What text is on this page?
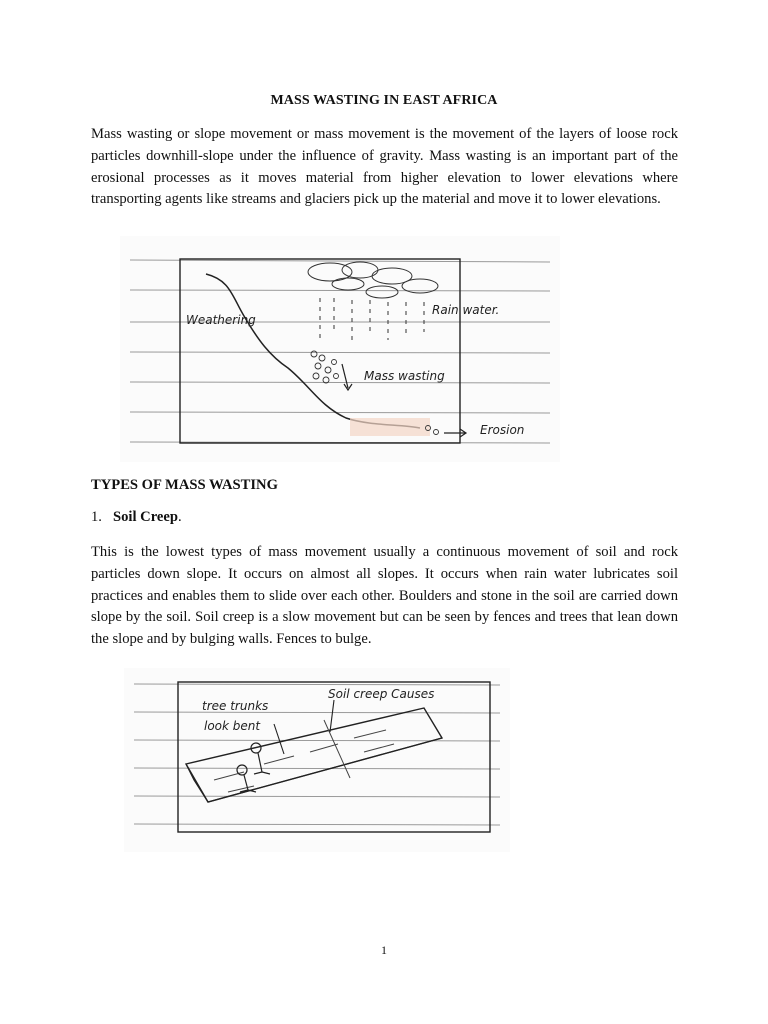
MASS WASTING IN EAST AFRICA
Mass wasting or slope movement or mass movement is the movement of the layers of loose rock particles downhill-slope under the influence of gravity. Mass wasting is an important part of the erosional processes as it moves material from higher elevation to lower elevations where transporting agents like streams and glaciers pick up the material and move it to lower elevations.
Weathering
Rain water.
Mass wasting
Erosion
TYPES OF MASS WASTING
1. Soil Creep.
This is the lowest types of mass movement usually a continuous movement of soil and rock particles down slope. It occurs on almost all slopes. It occurs when rain water lubricates soil practices and enables them to slide over each other. Boulders and stone in the soil are carried down slope by the soil. Soil creep is a slow movement but can be seen by fences and trees that lean down the slope and by bulging walls. Fences to bulge.
tree trunks
look bent
Soil creep Causes
1
